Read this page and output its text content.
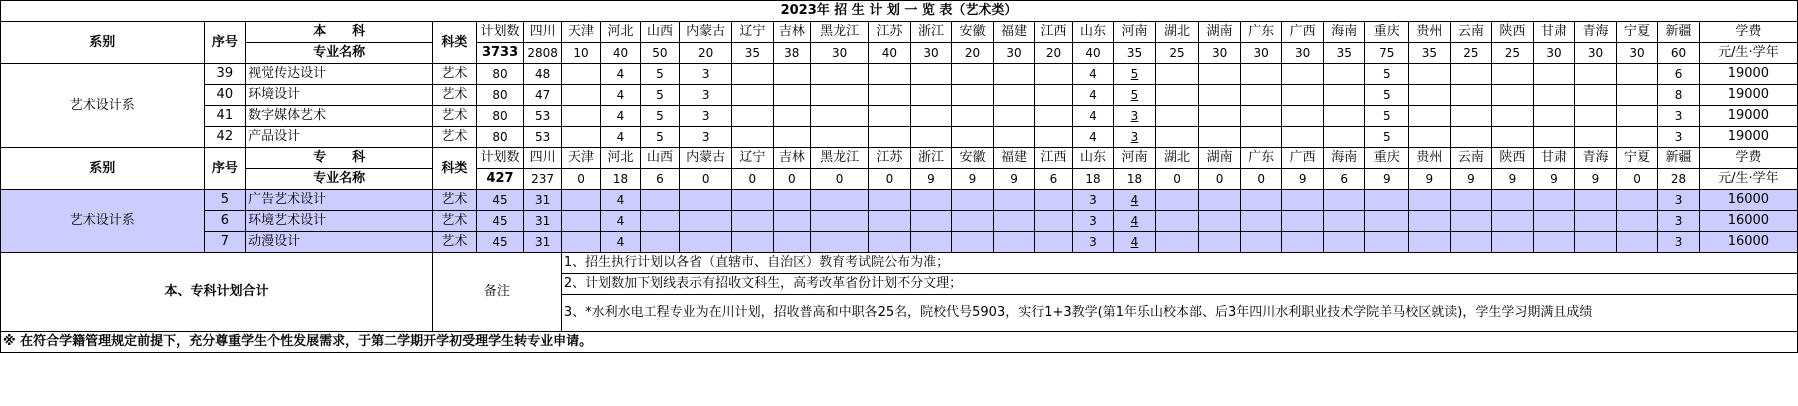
2023年 招 生 计 划 一 览 表（艺术类）																																	
系别	序号	本　　科	科类	计划数	四川	天津	河北	山西	内蒙古	辽宁	吉林	黑龙江	江苏	浙江	安徽	福建	江西	山东	河南	湖北	湖南	广东	广西	海南	重庆	贵州	云南	陕西	甘肃	青海	宁夏	新疆	学费
		专业名称		3733	2808	10	40	50	20	35	38	30	40	30	20	30	20	40	35	25	30	30	30	35	75	35	25	25	30	30	30	60	元/生·学年
艺术设计系	39	视觉传达设计	艺术	80	48		4	5	3									4	5						5							6	19000
	40	环境设计	艺术	80	47		4	5	3									4	5						5							8	19000
	41	数字媒体艺术	艺术	80	53		4	5	3									4	3						5							3	19000
	42	产品设计	艺术	80	53		4	5	3									4	3						5							3	19000
系别	序号	专　　科	科类	计划数	四川	天津	河北	山西	内蒙古	辽宁	吉林	黑龙江	江苏	浙江	安徽	福建	江西	山东	河南	湖北	湖南	广东	广西	海南	重庆	贵州	云南	陕西	甘肃	青海	宁夏	新疆	学费
		专业名称		427	237	0	18	6	0	0	0	0	0	9	9	9	6	18	18	0	0	0	9	6	9	9	9	9	9	9	0	28	元/生·学年
艺术设计系	5	广告艺术设计	艺术	45	31		4											3	4													3	16000
	6	环境艺术设计	艺术	45	31		4											3	4													3	16000
	7	动漫设计	艺术	45	31		4											3	4													3	16000
本、专科计划合计			备注			1、招生执行计划以各省（直辖市、自治区）教育考试院公布为准；																											
						2、计划数加下划线表示有招收文科生，高考改革省份计划不分文理；																											
						3、*水利水电工程专业为在川计划，招收普高和中职各25名，院校代号5903，实行1+3教学(第1年乐山校本部、后3年四川水利职业技术学院羊马校区就读)，学生学习期满且成绩																											
※ 在符合学籍管理规定前提下，充分尊重学生个性发展需求，于第二学期开学初受理学生转专业申请。																																	
